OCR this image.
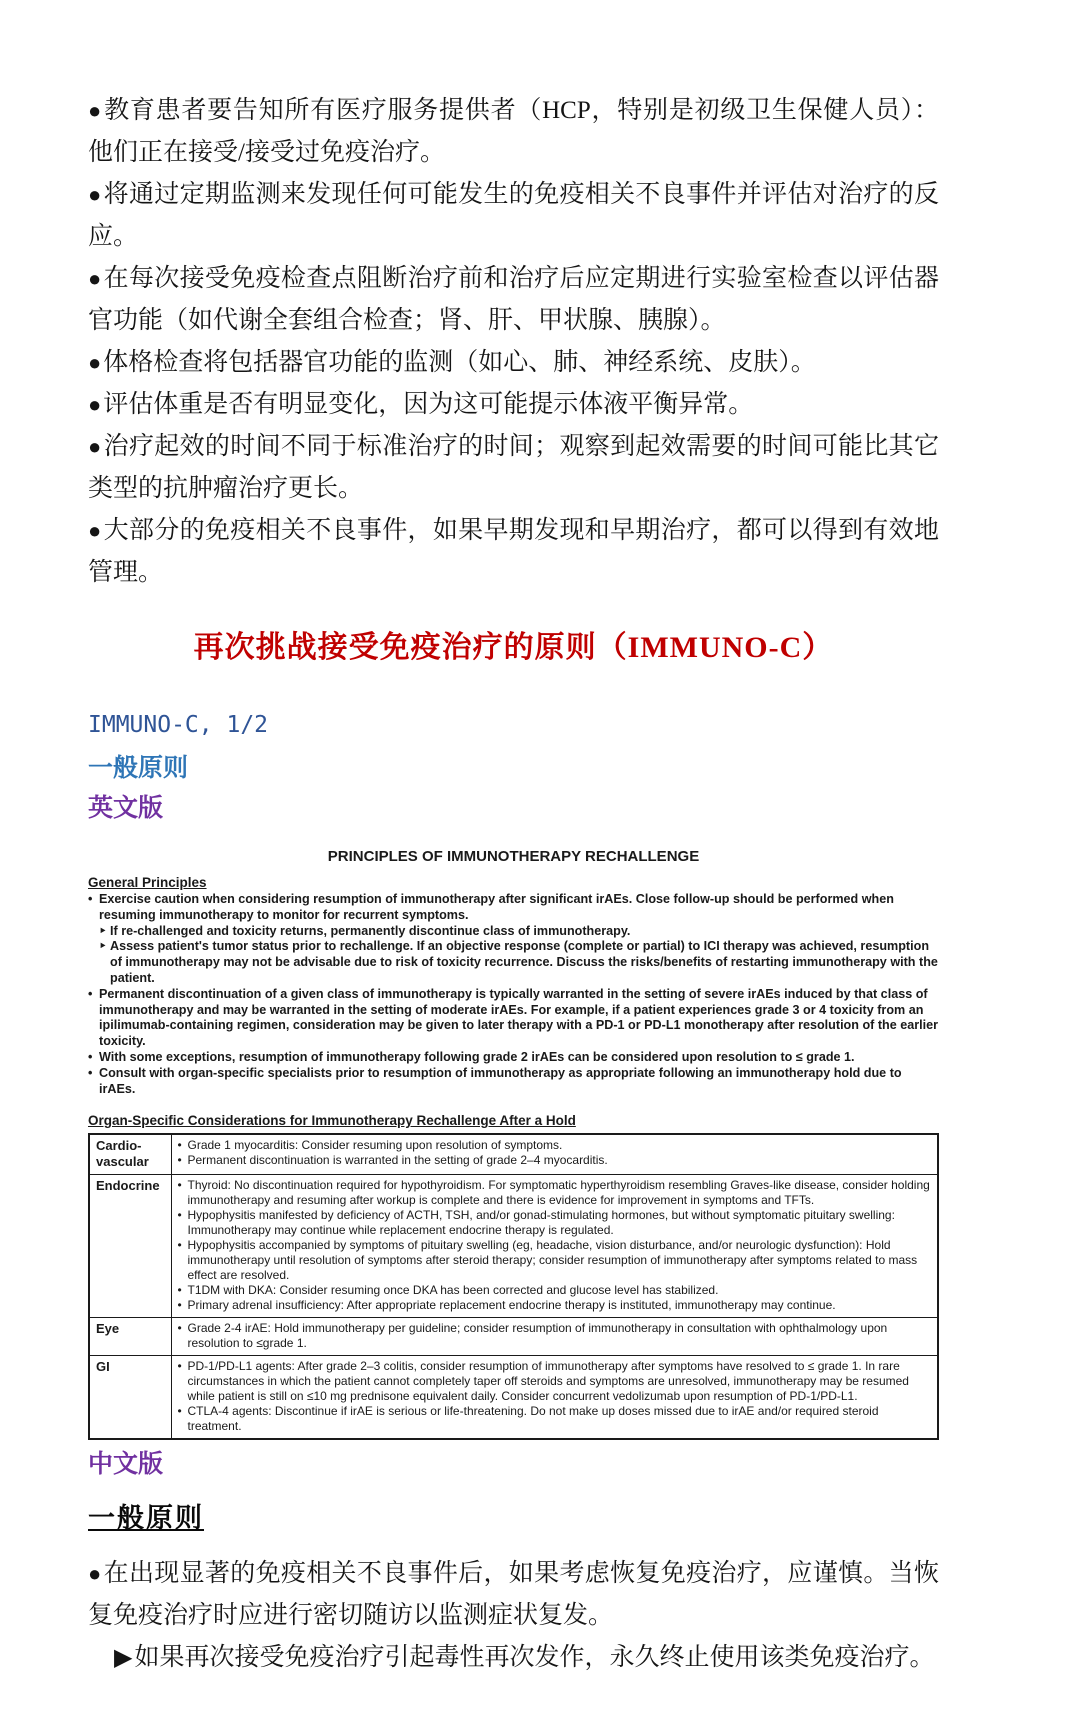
●教育患者要告知所有医疗服务提供者（HCP，特别是初级卫生保健人员）：他们正在接受/接受过免疫治疗。

●将通过定期监测来发现任何可能发生的免疫相关不良事件并评估对治疗的反应。

●在每次接受免疫检查点阻断治疗前和治疗后应定期进行实验室检查以评估器官功能（如代谢全套组合检查；肾、肝、甲状腺、胰腺）。

●体格检查将包括器官功能的监测（如心、肺、神经系统、皮肤）。

●评估体重是否有明显变化，因为这可能提示体液平衡异常。

●治疗起效的时间不同于标准治疗的时间；观察到起效需要的时间可能比其它类型的抗肿瘤治疗更长。

●大部分的免疫相关不良事件，如果早期发现和早期治疗，都可以得到有效地管理。

再次挑战接受免疫治疗的原则（IMMUNO-C）
IMMUNO-C, 1/2
一般原则
英文版
PRINCIPLES OF IMMUNOTHERAPY RECHALLENGE
General Principles
• Exercise caution when considering resumption of immunotherapy after significant irAEs. Close follow-up should be performed when resuming immunotherapy to monitor for recurrent symptoms.
‣ If re-challenged and toxicity returns, permanently discontinue class of immunotherapy.
‣ Assess patient's tumor status prior to rechallenge. If an objective response (complete or partial) to ICI therapy was achieved, resumption of immunotherapy may not be advisable due to risk of toxicity recurrence. Discuss the risks/benefits of restarting immunotherapy with the patient.
• Permanent discontinuation of a given class of immunotherapy is typically warranted in the setting of severe irAEs induced by that class of immunotherapy and may be warranted in the setting of moderate irAEs. For example, if a patient experiences grade 3 or 4 toxicity from an ipilimumab-containing regimen, consideration may be given to later therapy with a PD-1 or PD-L1 monotherapy after resolution of the earlier toxicity.
• With some exceptions, resumption of immunotherapy following grade 2 irAEs can be considered upon resolution to ≤ grade 1.
• Consult with organ-specific specialists prior to resumption of immunotherapy as appropriate following an immunotherapy hold due to irAEs.
Organ-Specific Considerations for Immunotherapy Rechallenge After a Hold
Cardio-vascular	• Grade 1 myocarditis: Consider resuming upon resolution of symptoms.
• Permanent discontinuation is warranted in the setting of grade 2–4 myocarditis.

Endocrine	• Thyroid: No discontinuation required for hypothyroidism. For symptomatic hyperthyroidism resembling Graves-like disease, consider holding immunotherapy and resuming after workup is complete and there is evidence for improvement in symptoms and TFTs.
• Hypophysitis manifested by deficiency of ACTH, TSH, and/or gonad-stimulating hormones, but without symptomatic pituitary swelling: Immunotherapy may continue while replacement endocrine therapy is regulated.
• Hypophysitis accompanied by symptoms of pituitary swelling (eg, headache, vision disturbance, and/or neurologic dysfunction): Hold immunotherapy until resolution of symptoms after steroid therapy; consider resumption of immunotherapy after symptoms related to mass effect are resolved.
• T1DM with DKA: Consider resuming once DKA has been corrected and glucose level has stabilized.
• Primary adrenal insufficiency: After appropriate replacement endocrine therapy is instituted, immunotherapy may continue.

Eye	• Grade 2-4 irAE: Hold immunotherapy per guideline; consider resumption of immunotherapy in consultation with ophthalmology upon resolution to ≤grade 1.

GI	• PD-1/PD-L1 agents: After grade 2–3 colitis, consider resumption of immunotherapy after symptoms have resolved to ≤ grade 1. In rare circumstances in which the patient cannot completely taper off steroids and symptoms are unresolved, immunotherapy may be resumed while patient is still on ≤10 mg prednisone equivalent daily. Consider concurrent vedolizumab upon resumption of PD-1/PD-L1.
• CTLA-4 agents: Discontinue if irAE is serious or life-threatening. Do not make up doses missed due to irAE and/or required steroid treatment.
中文版
一般原则

●在出现显著的免疫相关不良事件后，如果考虑恢复免疫治疗，应谨慎。当恢复免疫治疗时应进行密切随访以监测症状复发。

▶如果再次接受免疫治疗引起毒性再次发作，永久终止使用该类免疫治疗。
